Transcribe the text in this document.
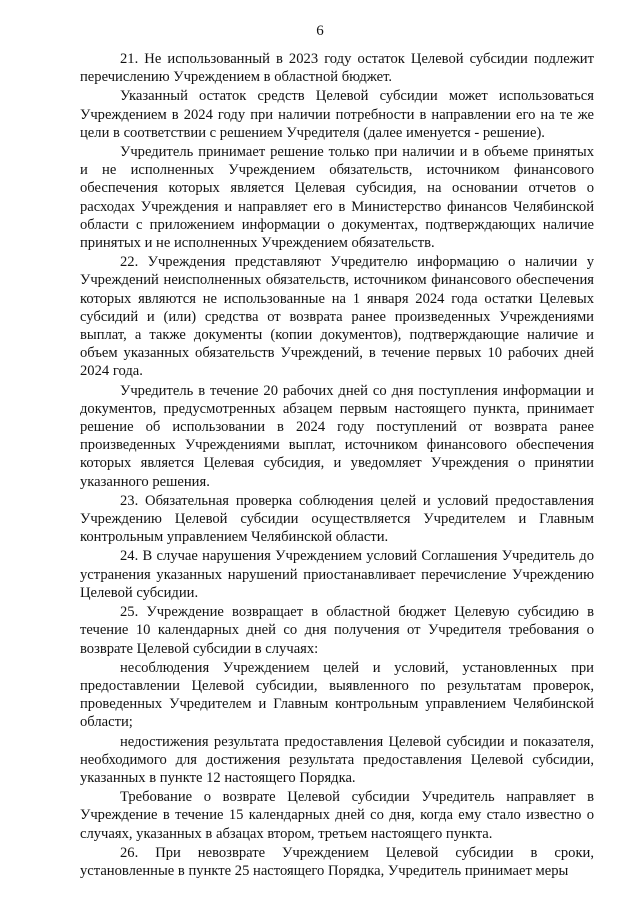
6

21. Не использованный в 2023 году остаток Целевой субсидии подлежит перечислению Учреждением в областной бюджет.

Указанный остаток средств Целевой субсидии может использоваться Учреждением в 2024 году при наличии потребности в направлении его на те же цели в соответствии с решением Учредителя (далее именуется - решение).

Учредитель принимает решение только при наличии и в объеме принятых и не исполненных Учреждением обязательств, источником финансового обеспечения которых является Целевая субсидия, на основании отчетов о расходах Учреждения и направляет его в Министерство финансов Челябинской области с приложением информации о документах, подтверждающих наличие принятых и не исполненных Учреждением обязательств.

22. Учреждения представляют Учредителю информацию о наличии у Учреждений неисполненных обязательств, источником финансового обеспечения которых являются не использованные на 1 января 2024 года остатки Целевых субсидий и (или) средства от возврата ранее произведенных Учреждениями выплат, а также документы (копии документов), подтверждающие наличие и объем указанных обязательств Учреждений, в течение первых 10 рабочих дней 2024 года.

Учредитель в течение 20 рабочих дней со дня поступления информации и документов, предусмотренных абзацем первым настоящего пункта, принимает решение об использовании в 2024 году поступлений от возврата ранее произведенных Учреждениями выплат, источником финансового обеспечения которых является Целевая субсидия, и уведомляет Учреждения о принятии указанного решения.

23. Обязательная проверка соблюдения целей и условий предоставления Учреждению Целевой субсидии осуществляется Учредителем и Главным контрольным управлением Челябинской области.

24. В случае нарушения Учреждением условий Соглашения Учредитель до устранения указанных нарушений приостанавливает перечисление Учреждению Целевой субсидии.

25. Учреждение возвращает в областной бюджет Целевую субсидию в течение 10 календарных дней со дня получения от Учредителя требования о возврате Целевой субсидии в случаях:

несоблюдения Учреждением целей и условий, установленных при предоставлении Целевой субсидии, выявленного по результатам проверок, проведенных Учредителем и Главным контрольным управлением Челябинской области;

недостижения результата предоставления Целевой субсидии и показателя, необходимого для достижения результата предоставления Целевой субсидии, указанных в пункте 12 настоящего Порядка.

Требование о возврате Целевой субсидии Учредитель направляет в Учреждение в течение 15 календарных дней со дня, когда ему стало известно о случаях, указанных в абзацах втором, третьем настоящего пункта.

26. При невозврате Учреждением Целевой субсидии в сроки, установленные в пункте 25 настоящего Порядка, Учредитель принимает меры
